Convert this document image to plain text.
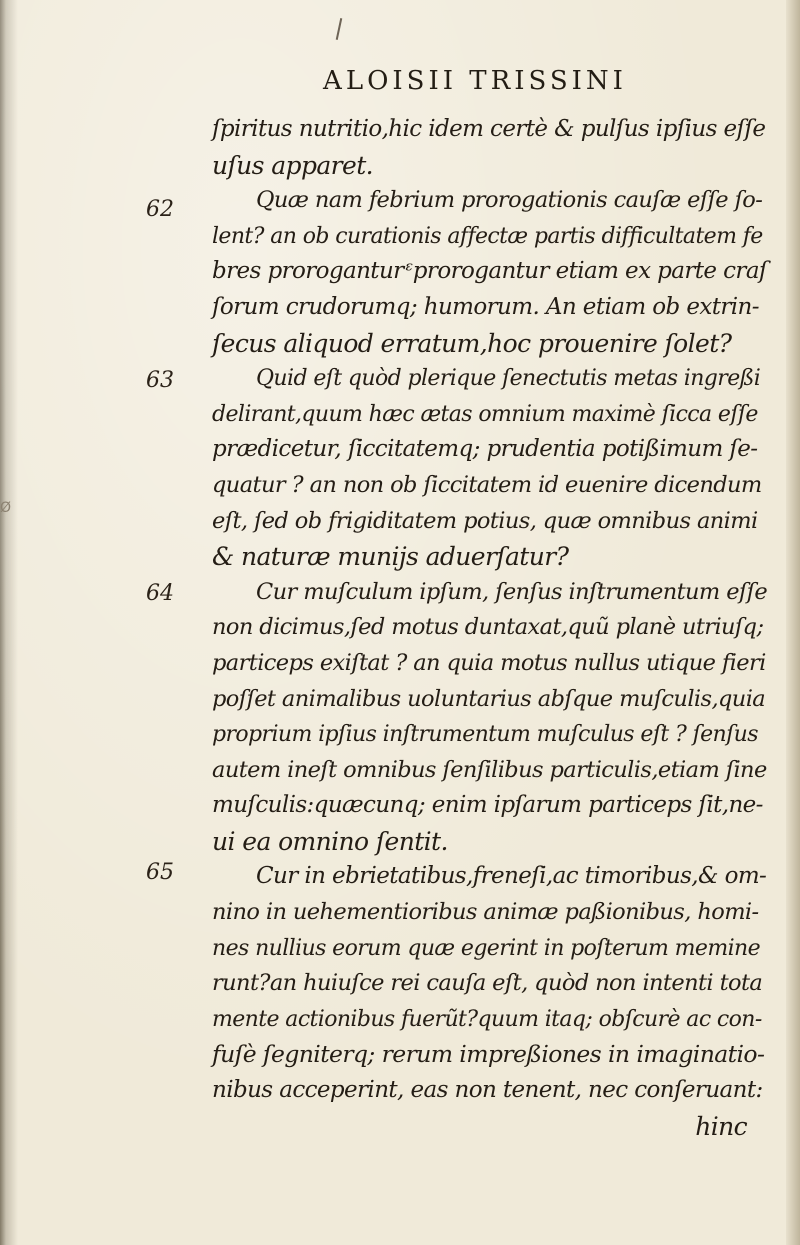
Ø
ALOISII TRISSINI
62
63
64
65
ſpiritus nutritio,hic idem certè & pulſus ipſius eſſe
uſus apparet.
Quæ nam febrium prorogationis cauſæ eſſe ſo-
lent? an ob curationis affectæ partis difficultatem fe
bres proroganturᵋprorogantur etiam ex parte craſ
ſorum crudorumq; humorum. An etiam ob extrin-
ſecus aliquod erratum,hoc prouenire ſolet?
Quid eſt quòd plerique ſenectutis metas ingreßi
delirant,quum hæc ætas omnium maximè ſicca eſſe
prædicetur, ſiccitatemq; prudentia potißimum ſe-
quatur ? an non ob ſiccitatem id euenire dicendum
eſt, ſed ob frigiditatem potius, quæ omnibus animi
& naturæ munijs aduerſatur?
Cur muſculum ipſum, ſenſus inſtrumentum eſſe
non dicimus,ſed motus duntaxat,quũ planè utriuſq;
particeps exiſtat ? an quia motus nullus utique fieri
poſſet animalibus uoluntarius abſque muſculis,quia
proprium ipſius inſtrumentum muſculus eſt ? ſenſus
autem ineſt omnibus ſenſilibus particulis,etiam ſine
muſculis:quæcunq; enim ipſarum particeps ſit,ne-
ui ea omnino ſentit.
Cur in ebrietatibus,freneſi,ac timoribus,& om-
nino in uehementioribus animæ paßionibus, homi-
nes nullius eorum quæ egerint in poſterum memine
runt?an huiuſce rei cauſa eſt, quòd non intenti tota
mente actionibus fuerũt?quum itaq; obſcurè ac con-
fuſè ſegniterq; rerum impreßiones in imaginatio-
nibus acceperint, eas non tenent, nec conſeruant:
hinc
